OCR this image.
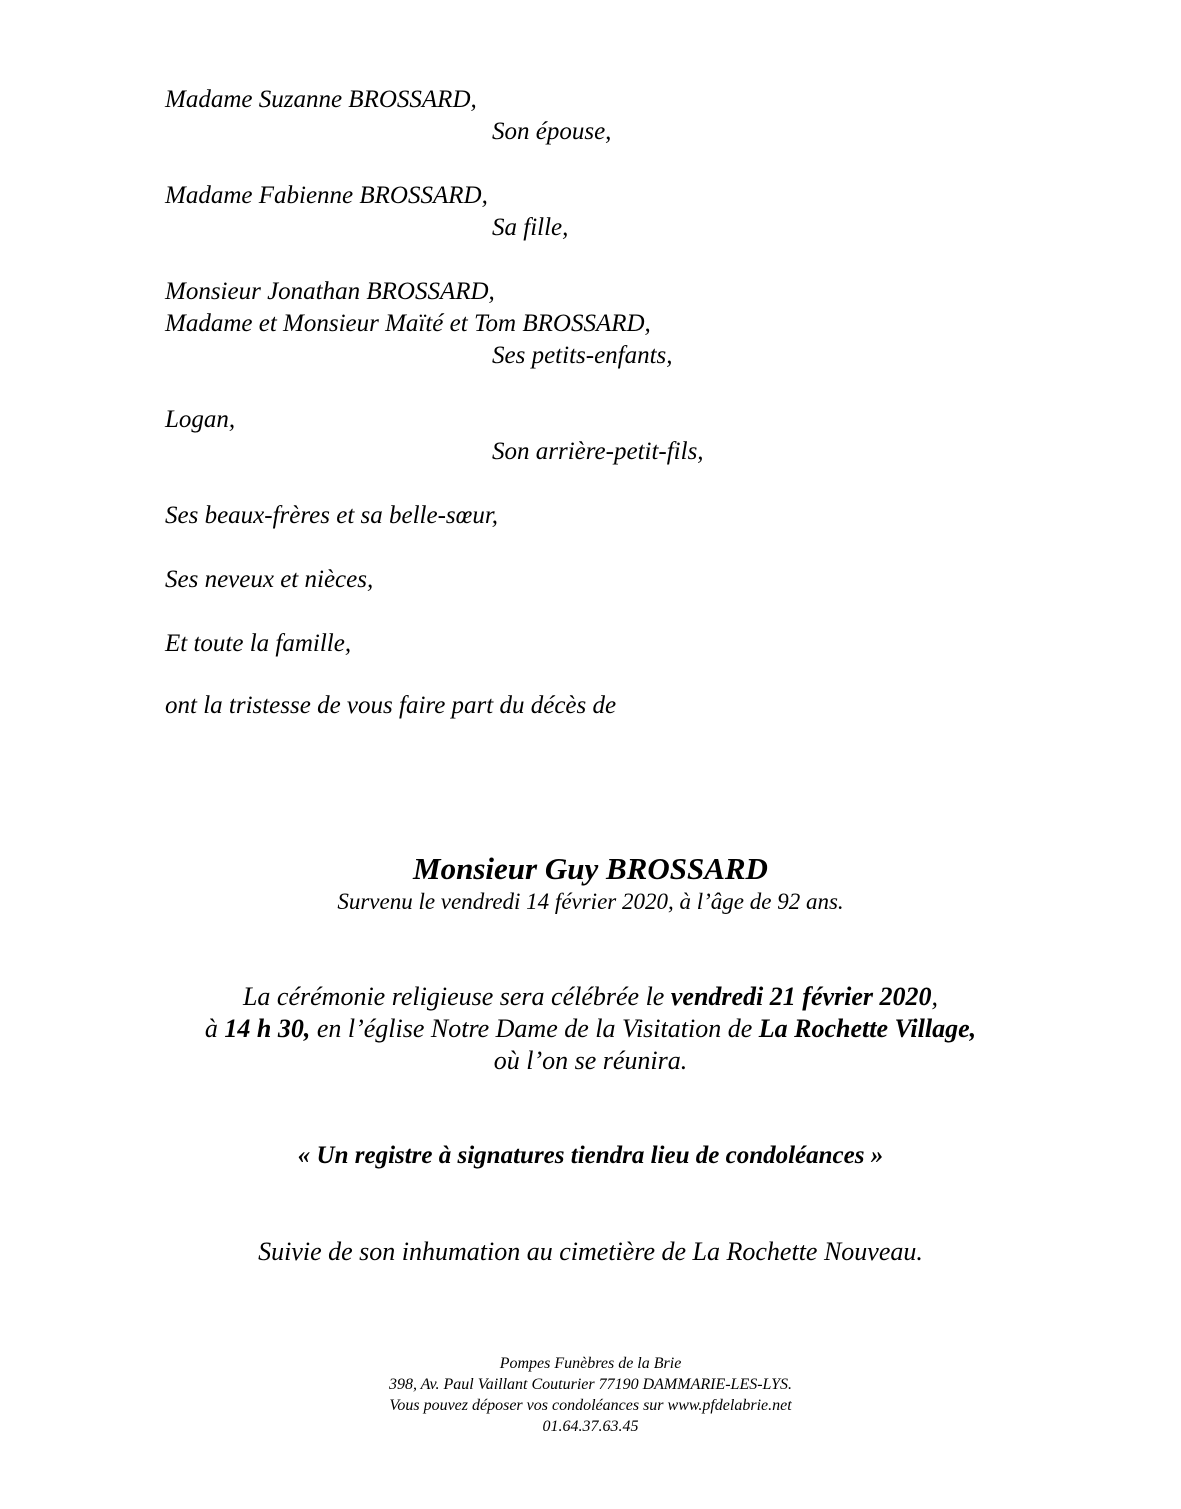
Madame Suzanne BROSSARD,
Son épouse,
Madame Fabienne BROSSARD,
Sa fille,
Monsieur Jonathan BROSSARD,
Madame et Monsieur Maïté et Tom BROSSARD,
Ses petits-enfants,
Logan,
Son arrière-petit-fils,
Ses beaux-frères et sa belle-sœur,
Ses neveux et nièces,
Et toute la famille,
ont la tristesse de vous faire part du décès de
Monsieur Guy BROSSARD
Survenu le vendredi 14 février 2020, à l’âge de 92 ans.
La cérémonie religieuse sera célébrée le vendredi 21 février 2020,
à 14 h 30, en l’église Notre Dame de la Visitation de La Rochette Village,
où l’on se réunira.
« Un registre à signatures tiendra lieu de condoléances »
Suivie de son inhumation au cimetière de La Rochette Nouveau.
Pompes Funèbres de la Brie
398, Av. Paul Vaillant Couturier 77190 DAMMARIE-LES-LYS.
Vous pouvez déposer vos condoléances sur www.pfdelabrie.net
01.64.37.63.45
